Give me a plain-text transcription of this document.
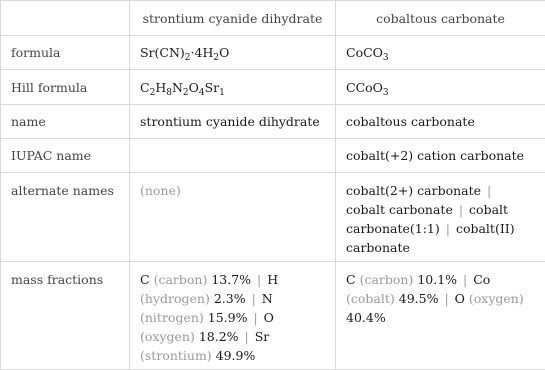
	strontium cyanide dihydrate	cobaltous carbonate
formula	$Sr(CN)_2\cdot 4H_2O$	CoCO$_3$
Hill formula	$C_2H_8N_2O_4Sr_1$	CCoO$_3$
name	strontium cyanide dihydrate	cobaltous carbonate
IUPAC name		cobalt(+2) cation carbonate
alternate names	(none)	cobalt(2+) carbonate | cobalt carbonate | cobalt carbonate(1:1) | cobalt(II) carbonate
mass fractions	C (carbon) 13.7% | H (hydrogen) 2.3% | N (nitrogen) 15.9% | O (oxygen) 18.2% | Sr (strontium) 49.9%	C (carbon) 10.1% | Co (cobalt) 49.5% | O (oxygen) 40.4%
